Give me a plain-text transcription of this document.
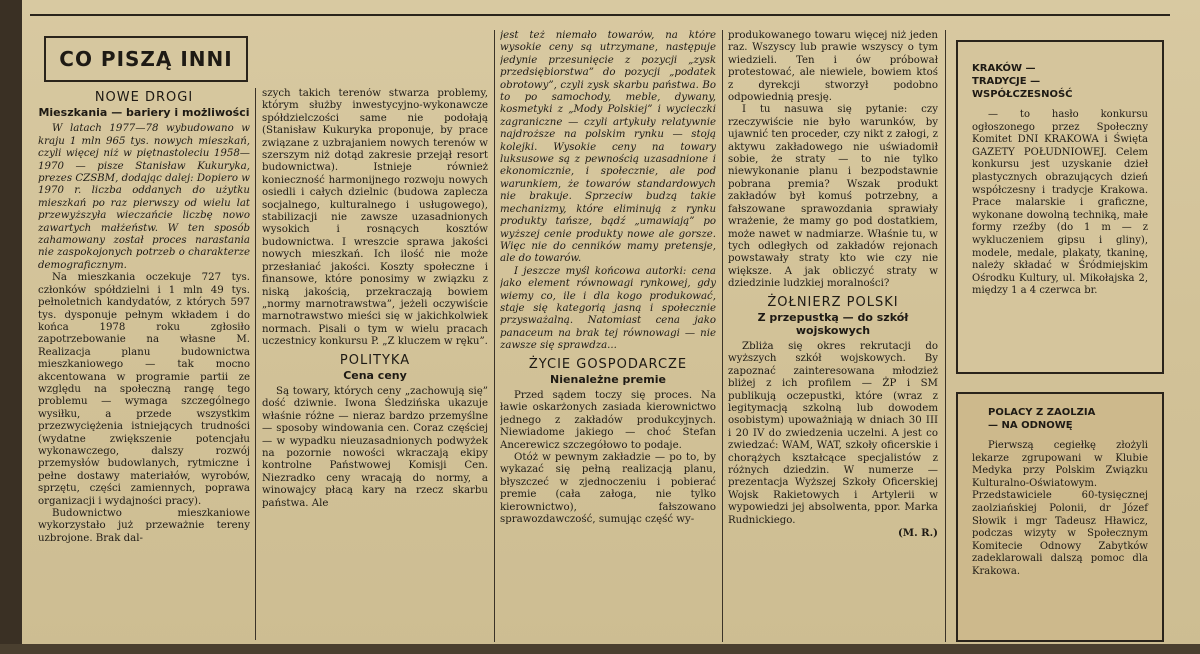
CO PISZĄ INNI
NOWE DROGI
Mieszkania — bariery i możliwości

W latach 1977—78 wybudowano w kraju 1 mln 965 tys. nowych mieszkań, czyli więcej niż w piętnastoleciu 1958—1970 — pisze Stanisław Kukuryka, prezes CZSBM, dodając dalej: Dopiero w 1970 r. liczba oddanych do użytku mieszkań po raz pierwszy od wielu lat przewyższyła wieczańcie liczbę nowo zawartych małżeństw. W ten sposób zahamowany został proces narastania nie zaspokojonych potrzeb o charakterze demograficznym.

Na mieszkania oczekuje 727 tys. członków spółdzielni i 1 mln 49 tys. pełnoletnich kandydatów, z których 597 tys. dysponuje pełnym wkładem i do końca 1978 roku zgłosiło zapotrzebowanie na własne M. Realizacja planu budownictwa mieszkaniowego — tak mocno akcentowana w programie partii ze względu na społeczną rangę tego problemu — wymaga szczególnego wysiłku, a przede wszystkim przezwyciężenia istniejących trudności (wydatne zwiększenie potencjału wykonawczego, dalszy rozwój przemysłów budowlanych, rytmiczne i pełne dostawy materiałów, wyrobów, sprzętu, części zamiennych, poprawa organizacji i wydajności pracy).

Budownictwo mieszkaniowe wykorzystało już przeważnie tereny uzbrojone. Brak dal-

szych takich terenów stwarza problemy, którym służby inwestycyjno-wykonawcze spółdzielczości same nie podołają (Stanisław Kukuryka proponuje, by prace związane z uzbrajaniem nowych terenów w szerszym niż dotąd zakresie przejął resort budownictwa). Istnieje również konieczność harmonijnego rozwoju nowych osiedli i całych dzielnic (budowa zaplecza socjalnego, kulturalnego i usługowego), stabilizacji nie zawsze uzasadnionych wysokich i rosnących kosztów budownictwa. I wreszcie sprawa jakości nowych mieszkań. Ich ilość nie może przesłaniać jakości. Koszty społeczne i finansowe, które ponosimy w związku z niską jakością, przekraczają bowiem „normy marnotrawstwa”, jeżeli oczywiście marnotrawstwo mieści się w jakichkolwiek normach. Pisali o tym w wielu pracach uczestnicy konkursu P. „Z kluczem w ręku”.

POLITYKA
Cena ceny

Są towary, których ceny „zachowują się” dość dziwnie. Iwona Śledzińska ukazuje właśnie różne — nieraz bardzo przemyślne — sposoby windowania cen. Coraz częściej — w wypadku nieuzasadnionych podwyżek na pozornie nowości wkraczają ekipy kontrolne Państwowej Komisji Cen. Niezradko ceny wracają do normy, a winowajcy płacą kary na rzecz skarbu państwa. Ale

jest też niemało towarów, na które wysokie ceny są utrzymane, następuje jedynie przesunięcie z pozycji „zysk przedsiębiorstwa” do pozycji „podatek obrotowy”, czyli zysk skarbu państwa. Bo to po samochody, meble, dywany, kosmetyki z „Mody Polskiej” i wycieczki zagraniczne — czyli artykuły relatywnie najdroższe na polskim rynku — stoją kolejki. Wysokie ceny na towary luksusowe są z pewnością uzasadnione i ekonomicznie, i społecznie, ale pod warunkiem, że towarów standardowych nie brakuje. Sprzeciw budzą takie mechanizmy, które eliminują z rynku produkty tańsze, bądź „umawiają” po wyższej cenie produkty nowe ale gorsze. Więc nie do cenników mamy pretensje, ale do towarów.

I jeszcze myśl końcowa autorki: cena jako element równowagi rynkowej, gdy wiemy co, ile i dla kogo produkować, staje się kategorią jasną i społecznie przysważalną. Natomiast cena jako panaceum na brak tej równowagi — nie zawsze się sprawdza...

ŻYCIE GOSPODARCZE
Nienależne premie

Przed sądem toczy się proces. Na ławie oskarżonych zasiada kierownictwo jednego z zakładów produkcyjnych. Niewiadome jakiego — choć Stefan Ancerewicz szczegółowo to podaje.

Otóż w pewnym zakładzie — po to, by wykazać się pełną realizacją planu, błyszczeć w zjednoczeniu i pobierać premie (cała załoga, nie tylko kierownictwo), fałszowano sprawozdawczość, sumując część wy-

produkowanego towaru więcej niż jeden raz. Wszyscy lub prawie wszyscy o tym wiedzieli. Ten i ów próbował protestować, ale niewiele, bowiem ktoś z dyrekcji stworzył podobno odpowiednią presję.

I tu nasuwa się pytanie: czy rzeczywiście nie było warunków, by ujawnić ten proceder, czy nikt z załogi, z aktywu zakładowego nie uświadomił sobie, że straty — to nie tylko niewykonanie planu i bezpodstawnie pobrana premia? Wszak produkt zakładów był komuś potrzebny, a fałszowane sprawozdania sprawiały wrażenie, że mamy go pod dostatkiem, może nawet w nadmiarze. Właśnie tu, w tych odległych od zakładów rejonach powstawały straty kto wie czy nie większe. A jak obliczyć straty w dziedzinie ludzkiej moralności?

ŻOŁNIERZ POLSKI
Z przepustką — do szkół wojskowych

Zbliża się okres rekrutacji do wyższych szkół wojskowych. By zapoznać zainteresowana młodzież bliżej z ich profilem — ŻP i SM publikują oczepustki, które (wraz z legitymacją szkolną lub dowodem osobistym) upoważniają w dniach 30 III i 20 IV do zwiedzenia uczelni. A jest co zwiedzać: WAM, WAT, szkoły oficerskie i chorążych kształcące specjalistów z różnych dziedzin. W numerze — prezentacja Wyższej Szkoły Oficerskiej Wojsk Rakietowych i Artylerii w wypowiedzi jej absolwenta, ppor. Marka Rudnickiego.

(M. R.)
KRAKÓW — TRADYCJE — WSPÓŁCZESNOŚĆ
— to hasło konkursu ogłoszonego przez Społeczny Komitet DNI KRAKOWA i Święta GAZETY POŁUDNIOWEJ. Celem konkursu jest uzyskanie dzieł plastycznych obrazujących dzień współczesny i tradycje Krakowa. Prace malarskie i graficzne, wykonane dowolną techniką, małe formy rzeźby (do 1 m — z wykluczeniem gipsu i gliny), modele, medale, plakaty, tkaninę, należy składać w Śródmiejskim Ośrodku Kultury, ul. Mikołajska 2, między 1 a 4 czerwca br.
POLACY Z ZAOLZIA — NA ODNOWĘ
Pierwszą cegiełkę złożyli lekarze zgrupowani w Klubie Medyka przy Polskim Związku Kulturalno-Oświatowym. Przedstawiciele 60-tysięcznej zaolziańskiej Polonii, dr Józef Słowik i mgr Tadeusz Hławicz, podczas wizyty w Społecznym Komitecie Odnowy Zabytków zadeklarowali dalszą pomoc dla Krakowa.
